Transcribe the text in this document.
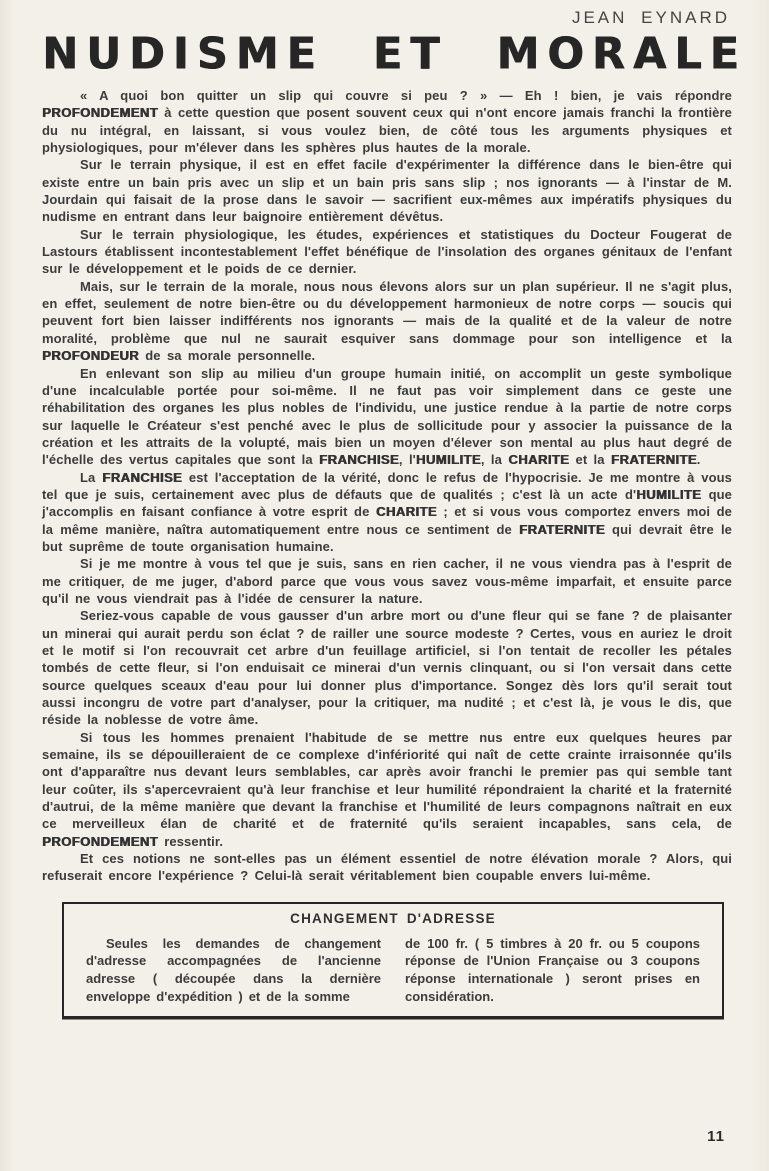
JEAN EYNARD
NUDISME ET MORALE

« A quoi bon quitter un slip qui couvre si peu ? » — Eh ! bien, je vais répondre PROFONDEMENT à cette question que posent souvent ceux qui n'ont encore jamais franchi la frontière du nu intégral, en laissant, si vous voulez bien, de côté tous les arguments physiques et physiologiques, pour m'élever dans les sphères plus hautes de la morale.

Sur le terrain physique, il est en effet facile d'expérimenter la différence dans le bien-être qui existe entre un bain pris avec un slip et un bain pris sans slip ; nos ignorants — à l'instar de M. Jourdain qui faisait de la prose dans le savoir — sacrifient eux-mêmes aux impératifs physiques du nudisme en entrant dans leur baignoire entièrement dévêtus.

Sur le terrain physiologique, les études, expériences et statistiques du Docteur Fougerat de Lastours établissent incontestablement l'effet bénéfique de l'insolation des organes génitaux de l'enfant sur le développement et le poids de ce dernier.

Mais, sur le terrain de la morale, nous nous élevons alors sur un plan supérieur. Il ne s'agit plus, en effet, seulement de notre bien-être ou du développement harmonieux de notre corps — soucis qui peuvent fort bien laisser indifférents nos ignorants — mais de la qualité et de la valeur de notre moralité, problème que nul ne saurait esquiver sans dommage pour son intelligence et la PROFONDEUR de sa morale personnelle.

En enlevant son slip au milieu d'un groupe humain initié, on accomplit un geste symbolique d'une incalculable portée pour soi-même. Il ne faut pas voir simplement dans ce geste une réhabilitation des organes les plus nobles de l'individu, une justice rendue à la partie de notre corps sur laquelle le Créateur s'est penché avec le plus de sollicitude pour y associer la puissance de la création et les attraits de la volupté, mais bien un moyen d'élever son mental au plus haut degré de l'échelle des vertus capitales que sont la FRANCHISE, l'HUMILITE, la CHARITE et la FRATERNITE.

La FRANCHISE est l'acceptation de la vérité, donc le refus de l'hypocrisie. Je me montre à vous tel que je suis, certainement avec plus de défauts que de qualités ; c'est là un acte d'HUMILITE que j'accomplis en faisant confiance à votre esprit de CHARITE ; et si vous vous comportez envers moi de la même manière, naîtra automatiquement entre nous ce sentiment de FRATERNITE qui devrait être le but suprême de toute organisation humaine.

Si je me montre à vous tel que je suis, sans en rien cacher, il ne vous viendra pas à l'esprit de me critiquer, de me juger, d'abord parce que vous vous savez vous-même imparfait, et ensuite parce qu'il ne vous viendrait pas à l'idée de censurer la nature.

Seriez-vous capable de vous gausser d'un arbre mort ou d'une fleur qui se fane ? de plaisanter un minerai qui aurait perdu son éclat ? de railler une source modeste ? Certes, vous en auriez le droit et le motif si l'on recouvrait cet arbre d'un feuillage artificiel, si l'on tentait de recoller les pétales tombés de cette fleur, si l'on enduisait ce minerai d'un vernis clinquant, ou si l'on versait dans cette source quelques sceaux d'eau pour lui donner plus d'importance. Songez dès lors qu'il serait tout aussi incongru de votre part d'analyser, pour la critiquer, ma nudité ; et c'est là, je vous le dis, que réside la noblesse de votre âme.

Si tous les hommes prenaient l'habitude de se mettre nus entre eux quelques heures par semaine, ils se dépouilleraient de ce complexe d'infériorité qui naît de cette crainte irraisonnée qu'ils ont d'apparaître nus devant leurs semblables, car après avoir franchi le premier pas qui semble tant leur coûter, ils s'apercevraient qu'à leur franchise et leur humilité répondraient la charité et la fraternité d'autrui, de la même manière que devant la franchise et l'humilité de leurs compagnons naîtrait en eux ce merveilleux élan de charité et de fraternité qu'ils seraient incapables, sans cela, de PROFONDEMENT ressentir.

Et ces notions ne sont-elles pas un élément essentiel de notre élévation morale ? Alors, qui refuserait encore l'expérience ? Celui-là serait véritablement bien coupable envers lui-même.

CHANGEMENT D'ADRESSE

Seules les demandes de changement d'adresse accompagnées de l'ancienne adresse ( découpée dans la dernière enveloppe d'expédition ) et de la somme

de 100 fr. ( 5 timbres à 20 fr. ou 5 coupons réponse de l'Union Française ou 3 coupons réponse internationale ) seront prises en considération.

11
